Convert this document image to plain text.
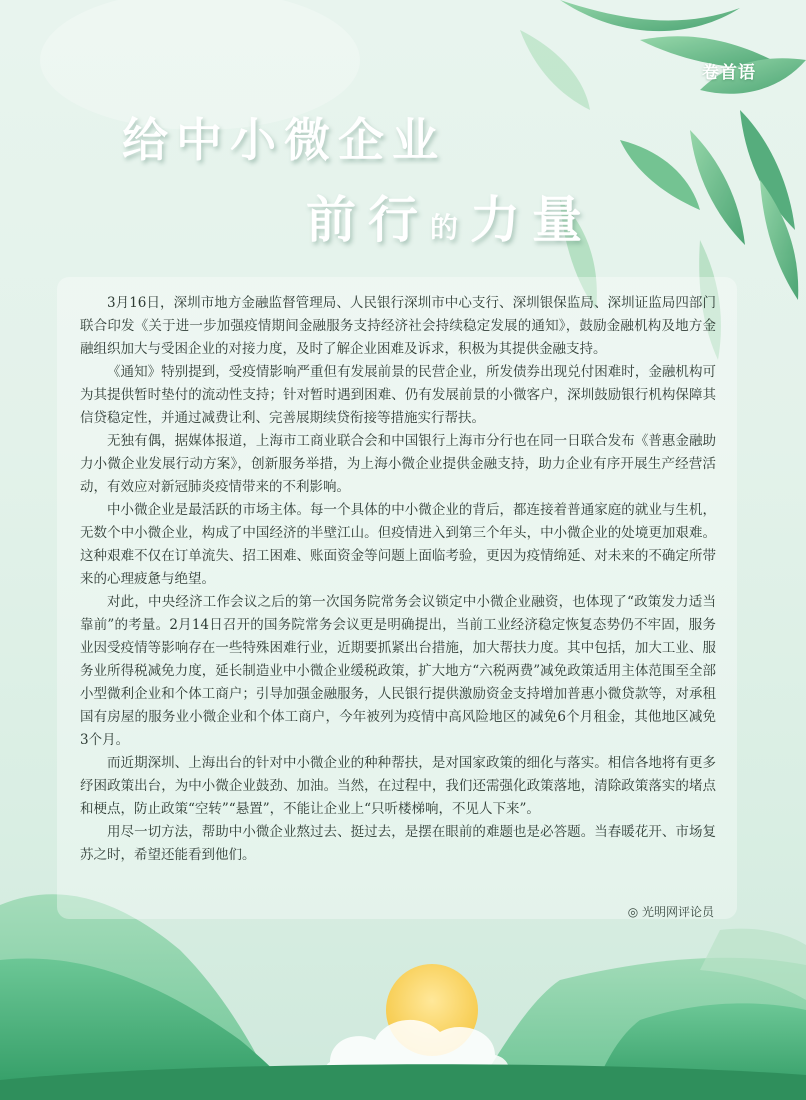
卷首语
给中小微企业
前行的力量

3月16日，深圳市地方金融监督管理局、人民银行深圳市中心支行、深圳银保监局、深圳证监局四部门联合印发《关于进一步加强疫情期间金融服务支持经济社会持续稳定发展的通知》，鼓励金融机构及地方金融组织加大与受困企业的对接力度，及时了解企业困难及诉求，积极为其提供金融支持。

《通知》特别提到，受疫情影响严重但有发展前景的民营企业，所发债券出现兑付困难时，金融机构可为其提供暂时垫付的流动性支持；针对暂时遇到困难、仍有发展前景的小微客户，深圳鼓励银行机构保障其信贷稳定性，并通过减费让利、完善展期续贷衔接等措施实行帮扶。

无独有偶，据媒体报道，上海市工商业联合会和中国银行上海市分行也在同一日联合发布《普惠金融助力小微企业发展行动方案》，创新服务举措，为上海小微企业提供金融支持，助力企业有序开展生产经营活动，有效应对新冠肺炎疫情带来的不利影响。

中小微企业是最活跃的市场主体。每一个具体的中小微企业的背后，都连接着普通家庭的就业与生机，无数个中小微企业，构成了中国经济的半壁江山。但疫情进入到第三个年头，中小微企业的处境更加艰难。这种艰难不仅在订单流失、招工困难、账面资金等问题上面临考验，更因为疫情绵延、对未来的不确定所带来的心理疲惫与绝望。

对此，中央经济工作会议之后的第一次国务院常务会议锁定中小微企业融资，也体现了“政策发力适当靠前”的考量。2月14日召开的国务院常务会议更是明确提出，当前工业经济稳定恢复态势仍不牢固，服务业因受疫情等影响存在一些特殊困难行业，近期要抓紧出台措施，加大帮扶力度。其中包括，加大工业、服务业所得税减免力度，延长制造业中小微企业缓税政策，扩大地方“六税两费”减免政策适用主体范围至全部小型微利企业和个体工商户；引导加强金融服务，人民银行提供激励资金支持增加普惠小微贷款等，对承租国有房屋的服务业小微企业和个体工商户，今年被列为疫情中高风险地区的减免6个月租金，其他地区减免3个月。

而近期深圳、上海出台的针对中小微企业的种种帮扶，是对国家政策的细化与落实。相信各地将有更多纾困政策出台，为中小微企业鼓劲、加油。当然，在过程中，我们还需强化政策落地，清除政策落实的堵点和梗点，防止政策“空转”“悬置”，不能让企业上“只听楼梯响，不见人下来”。

用尽一切方法，帮助中小微企业熬过去、挺过去，是摆在眼前的难题也是必答题。当春暖花开、市场复苏之时，希望还能看到他们。

◎ 光明网评论员
